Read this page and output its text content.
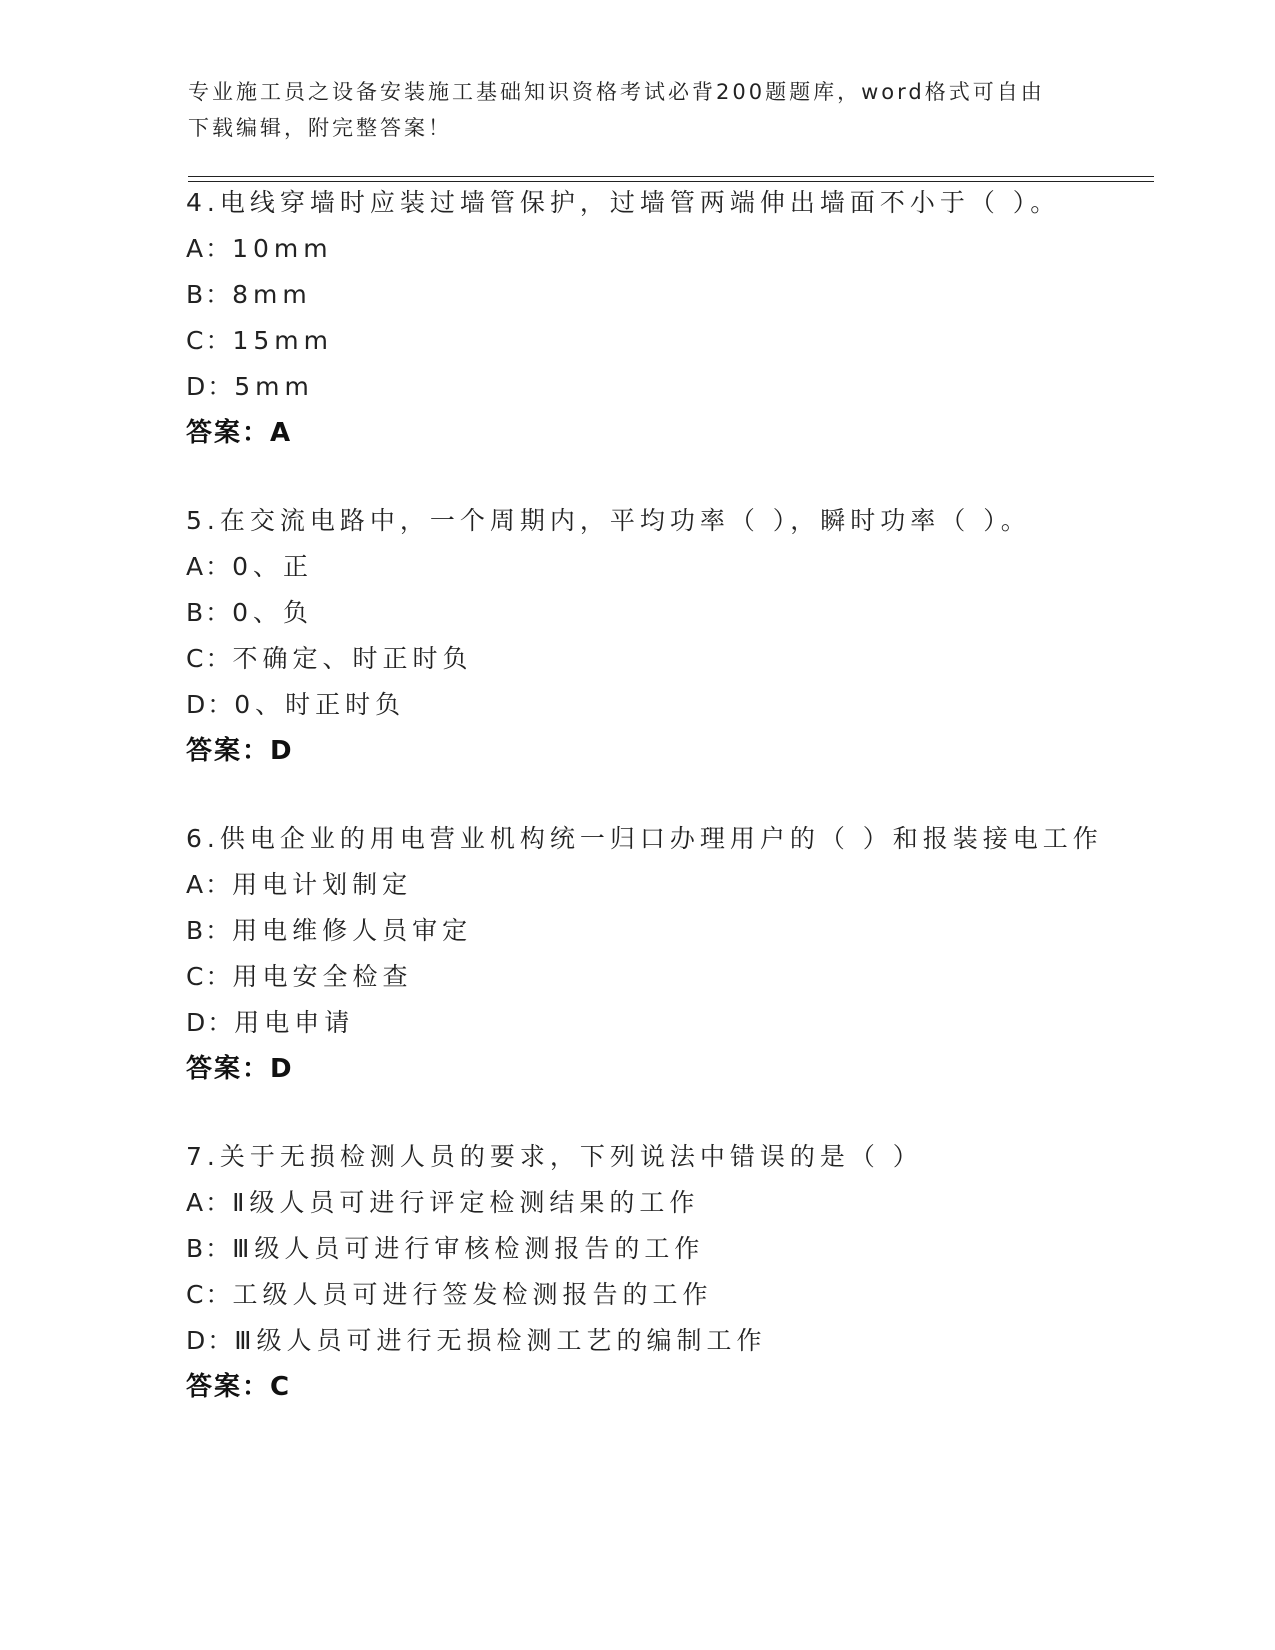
专业施工员之设备安装施工基础知识资格考试必背200题题库，word格式可自由
下载编辑，附完整答案！
4.电线穿墙时应装过墙管保护，过墙管两端伸出墙面不小于（ ）。
A：10mm
B：8mm
C：15mm
D：5mm
答案：A
5.在交流电路中，一个周期内，平均功率（ ），瞬时功率（ ）。
A：0、正
B：0、负
C：不确定、时正时负
D：0、时正时负
答案：D
6.供电企业的用电营业机构统一归口办理用户的（ ）和报装接电工作
A：用电计划制定
B：用电维修人员审定
C：用电安全检查
D：用电申请
答案：D
7.关于无损检测人员的要求，下列说法中错误的是（ ）
A：Ⅱ级人员可进行评定检测结果的工作
B：Ⅲ级人员可进行审核检测报告的工作
C：工级人员可进行签发检测报告的工作
D：Ⅲ级人员可进行无损检测工艺的编制工作
答案：C
